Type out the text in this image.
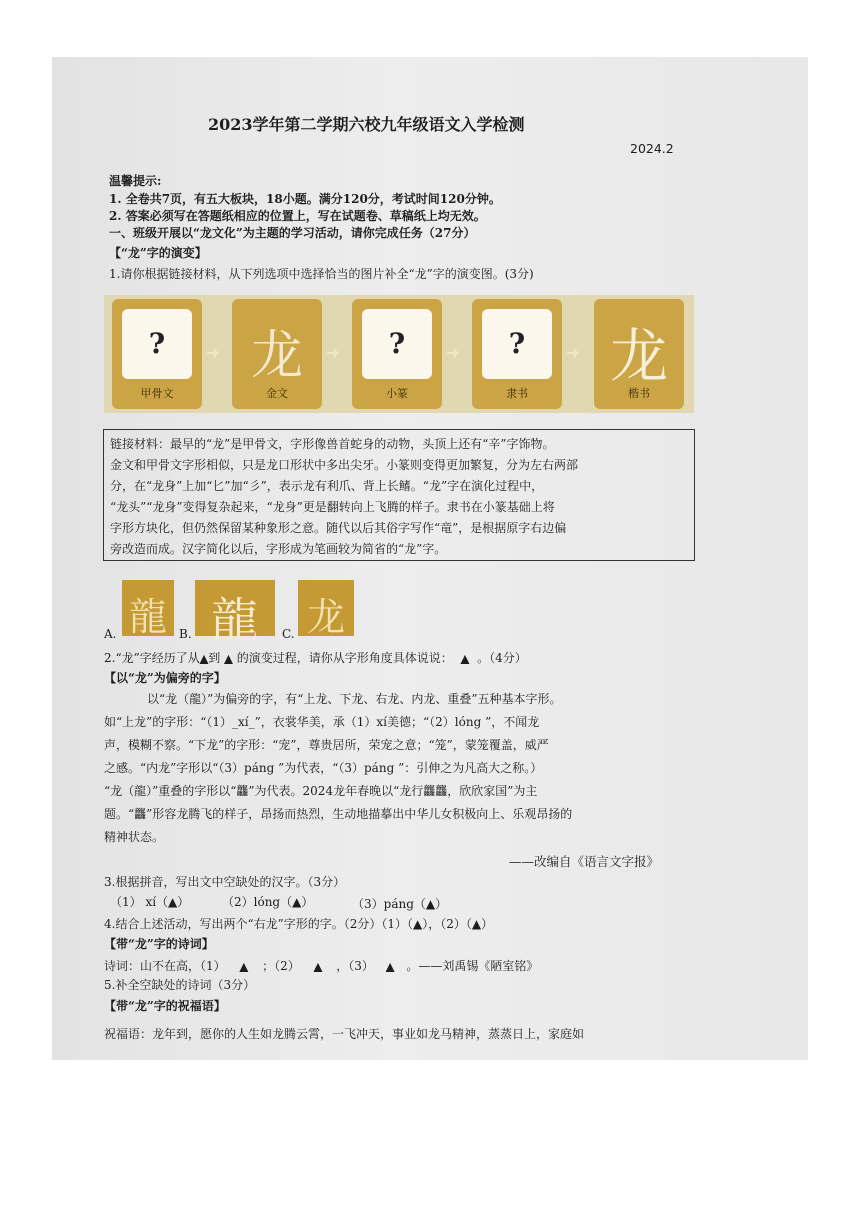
2023学年第二学期六校九年级语文入学检测
2024.2
温馨提示:
1. 全卷共7页，有五大板块，18小题。满分120分，考试时间120分钟。
2. 答案必须写在答题纸相应的位置上，写在试题卷、草稿纸上均无效。
一、班级开展以“龙文化”为主题的学习活动，请你完成任务（27分）
【“龙”字的演变】
1.请你根据链接材料，从下列选项中选择恰当的图片补全“龙”字的演变图。(3分)
?
甲骨文
➜ 龙
金文
➜	?
小篆
➜	?
隶书
➜ 龙
楷书
链接材料：最早的“龙”是甲骨文，字形像兽首蛇身的动物，头顶上还有“辛”字饰物。
金文和甲骨文字形相似，只是龙口形状中多出尖牙。小篆则变得更加繁复，分为左右两部
分，在“龙身”上加“匕”加“彡”，表示龙有利爪、背上长鳍。“龙”字在演化过程中，
“龙头”“龙身”变得复杂起来，“龙身”更是翻转向上飞腾的样子。隶书在小篆基础上将
字形方块化，但仍然保留某种象形之意。随代以后其俗字写作“竜”，是根据原字右边偏
旁改造而成。汉字简化以后，字形成为笔画较为简省的“龙”字。
A. 龍	B. 龍	C. 龙
2.“龙”字经历了从▲到 ▲ 的演变过程，请你从字形角度具体说说： ▲ 。（4分）
【以“龙”为偏旁的字】
以“龙（龍）”为偏旁的字，有“上龙、下龙、右龙、内龙、重叠”五种基本字形。
如“上龙”的字形：“（1）_xí_”，衣裳华美，承（1）xí美德；“（2）lóng ”，不闻龙
声，模糊不察。“下龙”的字形：“宠”，尊贵居所，荣宠之意；“笼”，蒙笼覆盖，威严
之感。“内龙”字形以“（3）páng ”为代表，“（3）páng ”：引伸之为凡高大之称。）
“龙（龍）”重叠的字形以“龘”为代表。2024龙年春晚以“龙行龘龘，欣欣家国”为主
题。“龘”形容龙腾飞的样子，昂扬而热烈，生动地描摹出中华儿女积极向上、乐观昂扬的
精神状态。
——改编自《语言文字报》
3.根据拼音，写出文中空缺处的汉字。（3分）
（1） xí（▲）	（2）lóng（▲）	（3）páng（▲）
4.结合上述活动，写出两个“右龙”字形的字。（2分）（1）（▲），（2）（▲）
【带“龙”字的诗词】
诗词：山不在高，（1） ▲ ；（2） ▲ ，（3） ▲ 。——刘禹锡《陋室铭》
5.补全空缺处的诗词（3分）
【带“龙”字的祝福语】
祝福语：龙年到，愿你的人生如龙腾云霄，一飞冲天，事业如龙马精神，蒸蒸日上，家庭如
